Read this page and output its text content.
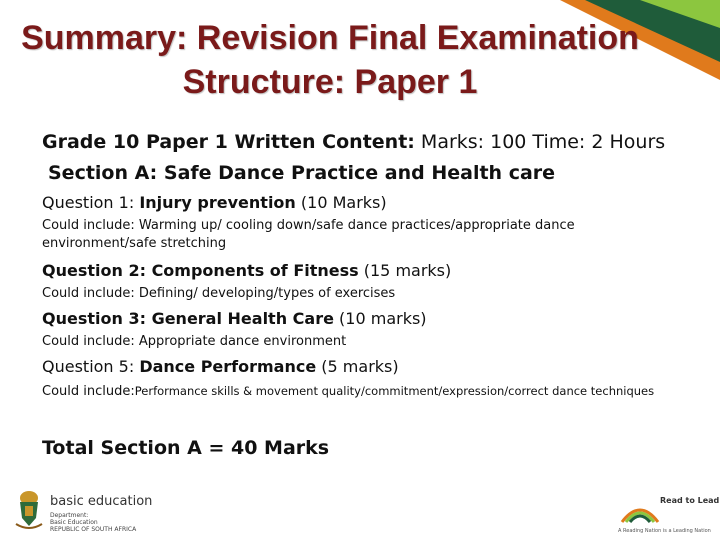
Summary: Revision Final Examination Structure: Paper 1
Grade 10 Paper 1 Written Content: Marks: 100 Time: 2 Hours
Section A: Safe Dance Practice and Health care
Question 1: Injury prevention (10 Marks)
Could include: Warming up/ cooling down/safe dance practices/appropriate dance environment/safe stretching
Question 2: Components of Fitness (15 marks)
Could include: Defining/ developing/types of exercises
Question 3: General Health Care (10 marks)
Could include: Appropriate dance environment
Question 5: Dance Performance (5 marks)
Could include:Performance skills & movement quality/commitment/expression/correct dance techniques
Total Section A = 40 Marks
basic education
Department:
Basic Education
REPUBLIC OF SOUTH AFRICA
Read to Lead
A Reading Nation is a Leading Nation
